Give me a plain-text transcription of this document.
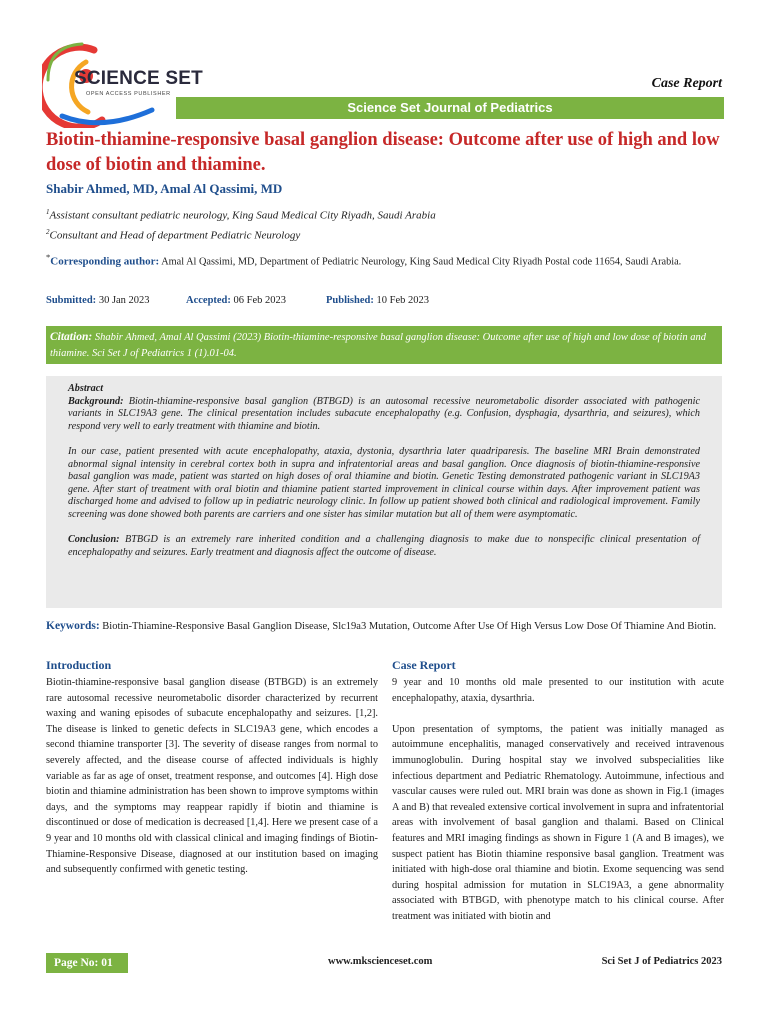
SCIENCE SET
OPEN ACCESS PUBLISHER
Case Report
Science Set Journal of Pediatrics
Biotin-thiamine-responsive basal ganglion disease: Outcome after use of high and low dose of biotin and thiamine.
Shabir Ahmed, MD, Amal Al Qassimi, MD
$^1$Assistant consultant pediatric neurology, King Saud Medical City Riyadh, Saudi Arabia
$^2$Consultant and Head of department Pediatric Neurology
*Corresponding author: Amal Al Qassimi, MD, Department of Pediatric Neurology, King Saud Medical City Riyadh Postal code 11654, Saudi Arabia.
Submitted: 30 Jan 2023	Accepted: 06 Feb 2023	Published: 10 Feb 2023
Citation: Shabir Ahmed, Amal Al Qassimi (2023) Biotin-thiamine-responsive basal ganglion disease: Outcome after use of high and low dose of biotin and thiamine. Sci Set J of Pediatrics 1 (1).01-04.

Abstract

Background: Biotin-thiamine-responsive basal ganglion (BTBGD) is an autosomal recessive neurometabolic disorder associated with pathogenic variants in SLC19A3 gene. The clinical presentation includes subacute encephalopathy (e.g. Confusion, dysphagia, dysarthria, and seizures), which respond very well to early treatment with thiamine and biotin.

In our case, patient presented with acute encephalopathy, ataxia, dystonia, dysarthria later quadriparesis. The baseline MRI Brain demonstrated abnormal signal intensity in cerebral cortex both in supra and infratentorial areas and basal ganglion. Once diagnosis of biotin-thiamine-responsive basal ganglion was made, patient was started on high doses of oral thiamine and biotin. Genetic Testing demonstrated pathogenic variant in SLC19A3 gene. After start of treatment with oral biotin and thiamine patient started improvement in clinical course within days. After improvement patient was discharged home and advised to follow up in pediatric neurology clinic. In follow up patient showed both clinical and radiological improvement. Family screening was done showed both parents are carriers and one sister has similar mutation but all of them were asymptomatic.

Conclusion: BTBGD is an extremely rare inherited condition and a challenging diagnosis to make due to nonspecific clinical presentation of encephalopathy and seizures. Early treatment and diagnosis affect the outcome of disease.

Keywords: Biotin-Thiamine-Responsive Basal Ganglion Disease, Slc19a3 Mutation, Outcome After Use Of High Versus Low Dose Of Thiamine And Biotin.
Introduction

Biotin-thiamine-responsive basal ganglion disease (BTBGD) is an extremely rare autosomal recessive neurometabolic disorder characterized by recurrent waxing and waning episodes of subacute encephalopathy and seizures. [1,2]. The disease is linked to genetic defects in SLC19A3 gene, which encodes a second thiamine transporter [3]. The severity of disease ranges from normal to severely affected, and the disease course of affected individuals is highly variable as far as age of onset, treatment response, and outcomes [4]. High dose biotin and thiamine administration has been shown to improve symptoms within days, and the symptoms may reappear rapidly if biotin and thiamine is discontinued or dose of medication is decreased [1,4]. Here we present case of a 9 year and 10 months old with classical clinical and imaging findings of Biotin-Thiamine-Responsive Disease, diagnosed at our institution based on imaging and subsequently confirmed with genetic testing.

Case Report

9 year and 10 months old male presented to our institution with acute encephalopathy, ataxia, dysarthria.

Upon presentation of symptoms, the patient was initially managed as autoimmune encephalitis, managed conservatively and received intravenous immunoglobulin. During hospital stay we involved subspecialities like infectious department and Pediatric Rhematology. Autoimmune, infectious and vascular causes were ruled out. MRI brain was done as shown in Fig.1 (images A and B) that revealed extensive cortical involvement in supra and infratentorial areas with involvement of basal ganglion and thalami. Based on Clinical features and MRI imaging findings as shown in Figure 1 (A and B images), we suspect patient has Biotin thiamine responsive basal ganglion. Treatment was initiated with high-dose oral thiamine and biotin. Exome sequencing was send during hospital admission for mutation in SLC19A3, a gene abnormality associated with BTBGD, with phenotype match to his clinical course. After treatment was initiated with biotin and

Page No: 01	www.mkscienceset.com	Sci Set J of Pediatrics 2023
